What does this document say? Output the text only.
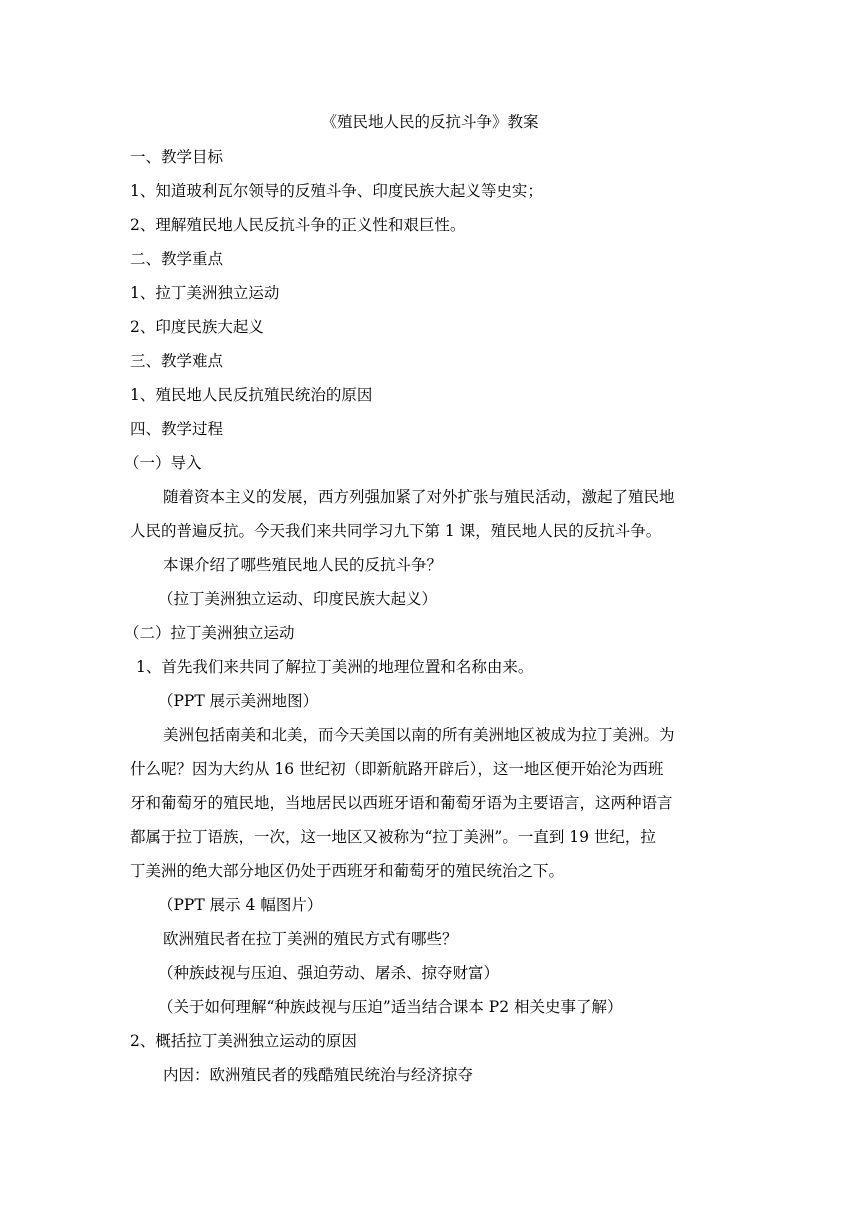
《殖民地人民的反抗斗争》教案
一、教学目标
1、知道玻利瓦尔领导的反殖斗争、印度民族大起义等史实；
2、理解殖民地人民反抗斗争的正义性和艰巨性。
二、教学重点
1、拉丁美洲独立运动
2、印度民族大起义
三、教学难点
1、殖民地人民反抗殖民统治的原因
四、教学过程
（一）导入
随着资本主义的发展，西方列强加紧了对外扩张与殖民活动，激起了殖民地
人民的普遍反抗。今天我们来共同学习九下第 1 课，殖民地人民的反抗斗争。
本课介绍了哪些殖民地人民的反抗斗争？
（拉丁美洲独立运动、印度民族大起义）
（二）拉丁美洲独立运动
1、首先我们来共同了解拉丁美洲的地理位置和名称由来。
（PPT 展示美洲地图）
美洲包括南美和北美，而今天美国以南的所有美洲地区被成为拉丁美洲。为
什么呢？因为大约从 16 世纪初（即新航路开辟后），这一地区便开始沦为西班
牙和葡萄牙的殖民地，当地居民以西班牙语和葡萄牙语为主要语言，这两种语言
都属于拉丁语族，一次，这一地区又被称为“拉丁美洲”。一直到 19 世纪，拉
丁美洲的绝大部分地区仍处于西班牙和葡萄牙的殖民统治之下。
（PPT 展示 4 幅图片）
欧洲殖民者在拉丁美洲的殖民方式有哪些？
（种族歧视与压迫、强迫劳动、屠杀、掠夺财富）
（关于如何理解“种族歧视与压迫”适当结合课本 P2 相关史事了解）
2、概括拉丁美洲独立运动的原因
内因：欧洲殖民者的残酷殖民统治与经济掠夺
